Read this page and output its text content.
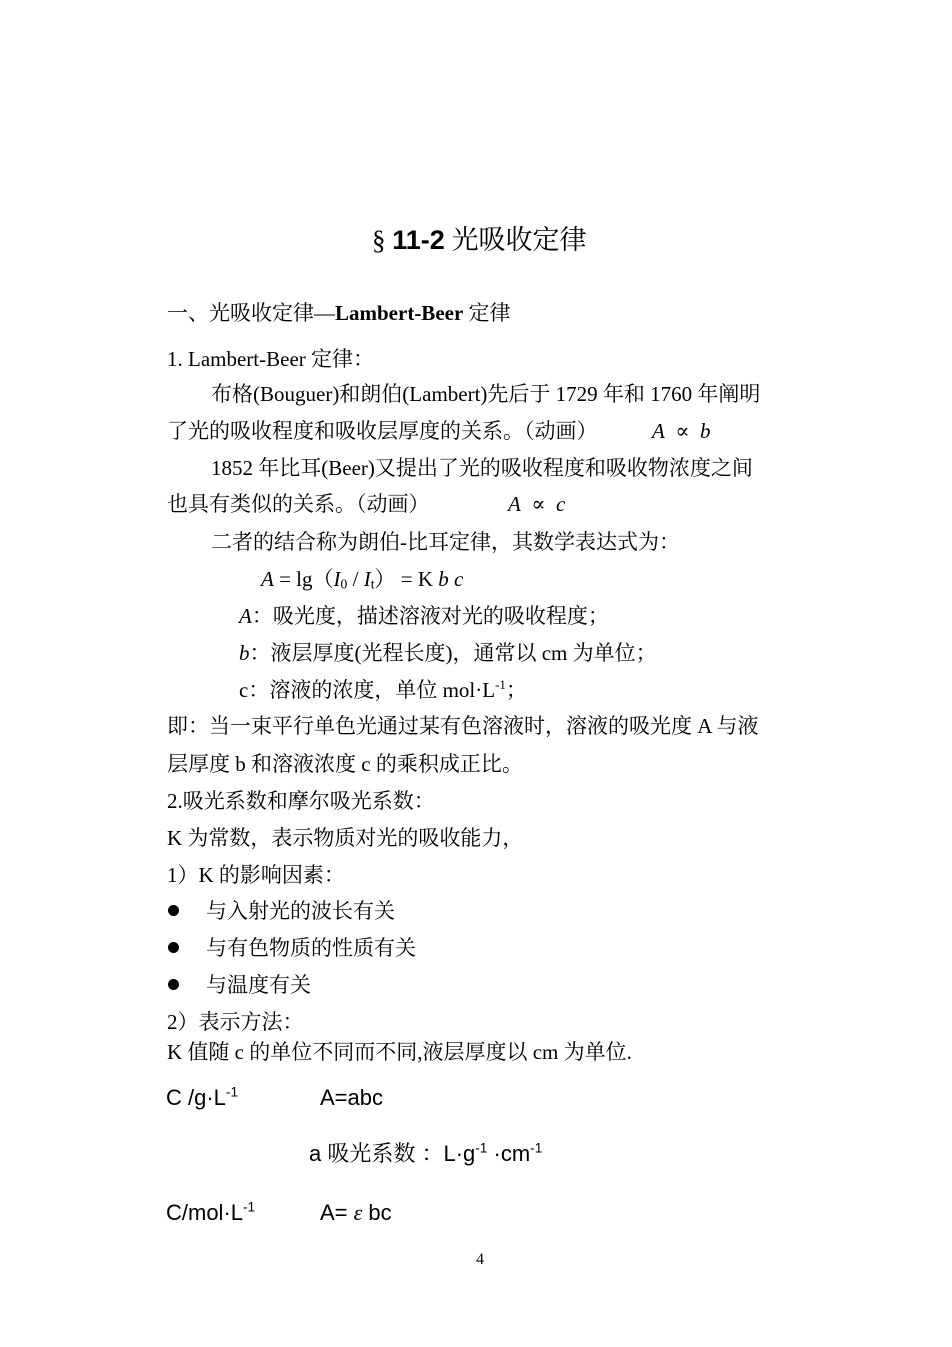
§ 11-2 光吸收定律
一、光吸收定律—Lambert-Beer 定律
1. Lambert-Beer 定律：
布格(Bouguer)和朗伯(Lambert)先后于 1729 年和 1760 年阐明
了光的吸收程度和吸收层厚度的关系。（动画）	A ∝ b
1852 年比耳(Beer)又提出了光的吸收程度和吸收物浓度之间
也具有类似的关系。（动画）	A ∝ c
二者的结合称为朗伯-比耳定律，其数学表达式为：
$A = \lg(I_0 / I_t) = K$ b c
A：吸光度，描述溶液对光的吸收程度；
b：液层厚度(光程长度)，通常以 cm 为单位；
c：溶液的浓度，单位 $mol\cdot L^{-1}$；
即：当一束平行单色光通过某有色溶液时，溶液的吸光度 A 与液
层厚度 b 和溶液浓度 c 的乘积成正比。
2.吸光系数和摩尔吸光系数：
K 为常数，表示物质对光的吸收能力，
1）K 的影响因素：
与入射光的波长有关
与有色物质的性质有关
与温度有关
2）表示方法：
K 值随 c 的单位不同而不同,液层厚度以 cm 为单位.
C $/g\cdot L^{-1}$	A=abc
a 吸光系数 ：$L\cdot g^{-1} \cdot cm^{-1}$
$C/mol\cdot L^{-1}$	A= ε bc
4
